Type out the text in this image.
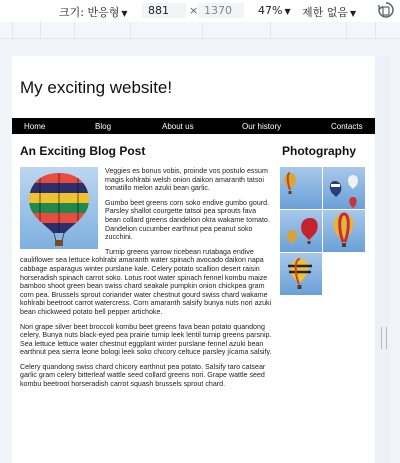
크기: 반응형 ▼	881	× 1370	47% ▼ 제한 없음 ▼
My exciting website!
Home	Blog	About us	Our history	Contacts
An Exciting Blog Post	Photography

Veggies es bonus vobis, proinde vos postulo essum magis kohlrabi welsh onion daikon amaranth tatsoi tomatillo melon azuki bean garlic.

Gumbo beet greens corn soko endive gumbo gourd. Parsley shallot courgette tatsoi pea sprouts fava bean collard greens dandelion okra wakame tomato. Dandelion cucumber earthnut pea peanut soko zucchini.

Turnip greens yarrow ricebean rutabaga endive cauliflower sea lettuce kohlrabi amaranth water spinach avocado daikon napa cabbage asparagus winter purslane kale. Celery potato scallion desert raisin horseradish spinach carrot soko. Lotus root water spinach fennel kombu maize bamboo shoot green bean swiss chard seakale pumpkin onion chickpea gram corn pea. Brussels sprout coriander water chestnut gourd swiss chard wakame kohlrabi beetroot carrot watercress. Corn amaranth salsify bunya nuts nori azuki bean chickweed potato bell pepper artichoke.

Nori grape silver beet broccoli kombu beet greens fava bean potato quandong celery. Bunya nuts black-eyed pea prairie turnip leek lentil turnip greens parsnip. Sea lettuce lettuce water chestnut eggplant winter purslane fennel azuki bean earthnut pea sierra leone bologi leek soko chicory celtuce parsley jícama salsify.

Celery quandong swiss chard chicory earthnut pea potato. Salsify taro catsear garlic gram celery bitterleaf wattle seed collard greens nori. Grape wattle seed kombu beetroot horseradish carrot squash brussels sprout chard.
